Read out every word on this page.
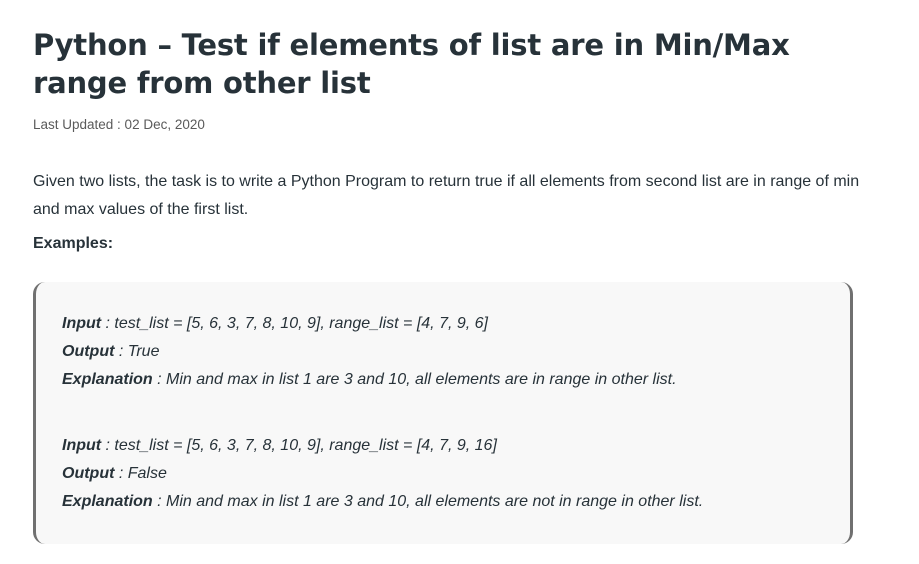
Python – Test if elements of list are in Min/Max range from other list
Last Updated : 02 Dec, 2020
Given two lists, the task is to write a Python Program to return true if all elements from second list are in range of min and max values of the first list.
Examples:
Input : test_list = [5, 6, 3, 7, 8, 10, 9], range_list = [4, 7, 9, 6]
Output : True
Explanation : Min and max in list 1 are 3 and 10, all elements are in range in other list.
Input : test_list = [5, 6, 3, 7, 8, 10, 9], range_list = [4, 7, 9, 16]
Output : False
Explanation : Min and max in list 1 are 3 and 10, all elements are not in range in other list.
